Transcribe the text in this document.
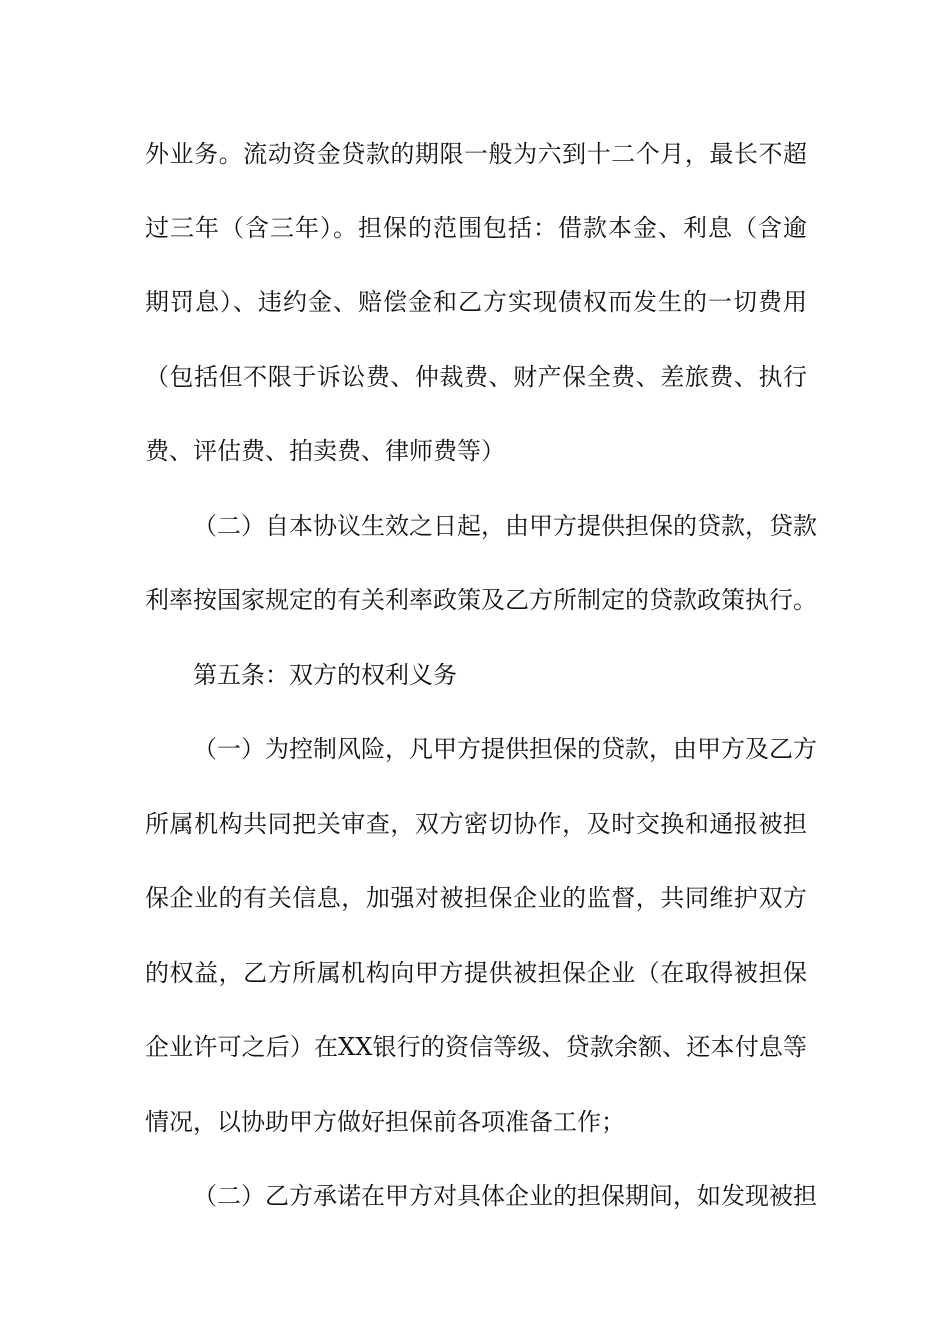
外业务。流动资金贷款的期限一般为六到十二个月，最长不超
过三年（含三年）。担保的范围包括：借款本金、利息（含逾
期罚息）、违约金、赔偿金和乙方实现债权而发生的一切费用
（包括但不限于诉讼费、仲裁费、财产保全费、差旅费、执行
费、评估费、拍卖费、律师费等）
（二）自本协议生效之日起，由甲方提供担保的贷款，贷款
利率按国家规定的有关利率政策及乙方所制定的贷款政策执行。
第五条：双方的权利义务
（一）为控制风险，凡甲方提供担保的贷款，由甲方及乙方
所属机构共同把关审查，双方密切协作，及时交换和通报被担
保企业的有关信息，加强对被担保企业的监督，共同维护双方
的权益，乙方所属机构向甲方提供被担保企业（在取得被担保
企业许可之后）在XX银行的资信等级、贷款余额、还本付息等
情况，以协助甲方做好担保前各项准备工作；
（二）乙方承诺在甲方对具体企业的担保期间，如发现被担
